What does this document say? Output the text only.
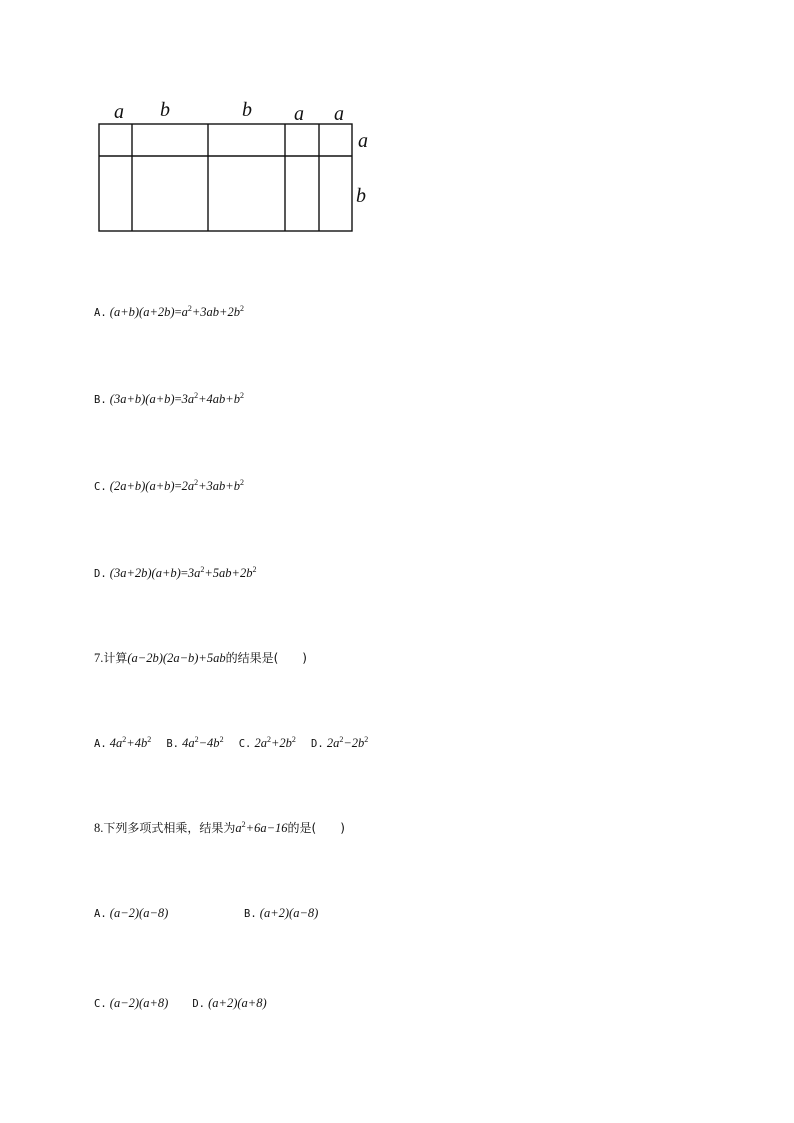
a b	b a a
a
b
A. $(a+b)(a+2b)=a^2+3ab+2b^2$
B. $(3a+b)(a+b)=3a^2+4ab+b^2$
C. $(2a+b)(a+b)=2a^2+3ab+b^2$
D. $(3a+2b)(a+b)=3a^2+5ab+2b^2$
7.计算(a−2b)(2a−b)+5ab的结果是(　　)
A. $4a^2+4b^2$ B. $4a^2-4b^2$ C. $2a^2+2b^2$ D. $2a^2-2b^2$
8.下列多项式相乘，结果为$a^2+6a-16$的是(　　)
A. (a−2)(a−8)	B. (a+2)(a−8)
C. (a−2)(a+8) D. (a+2)(a+8)
